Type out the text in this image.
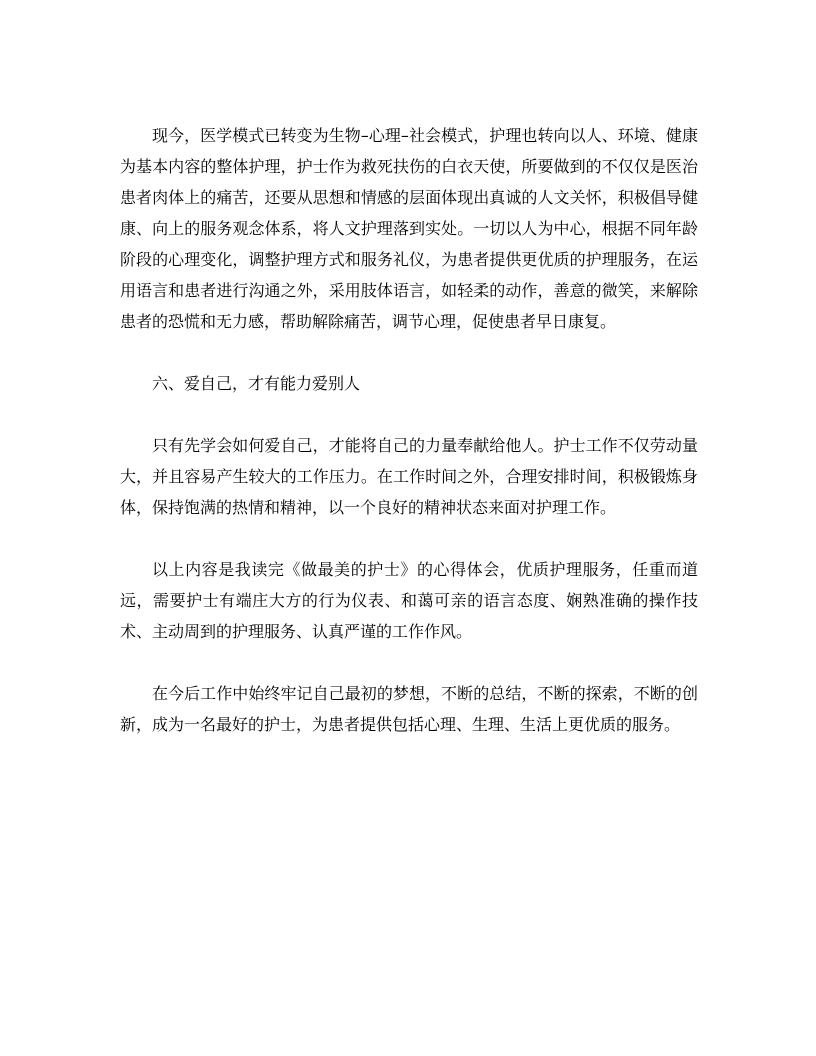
现今，医学模式已转变为生物–心理–社会模式，护理也转向以人、环境、健康为基本内容的整体护理，护士作为救死扶伤的白衣天使，所要做到的不仅仅是医治患者肉体上的痛苦，还要从思想和情感的层面体现出真诚的人文关怀，积极倡导健康、向上的服务观念体系，将人文护理落到实处。一切以人为中心，根据不同年龄阶段的心理变化，调整护理方式和服务礼仪，为患者提供更优质的护理服务，在运用语言和患者进行沟通之外，采用肢体语言，如轻柔的动作，善意的微笑，来解除患者的恐慌和无力感，帮助解除痛苦，调节心理，促使患者早日康复。

六、爱自己，才有能力爱别人

只有先学会如何爱自己，才能将自己的力量奉献给他人。护士工作不仅劳动量大，并且容易产生较大的工作压力。在工作时间之外，合理安排时间，积极锻炼身体，保持饱满的热情和精神，以一个良好的精神状态来面对护理工作。

以上内容是我读完《做最美的护士》的心得体会，优质护理服务，任重而道远，需要护士有端庄大方的行为仪表、和蔼可亲的语言态度、娴熟准确的操作技术、主动周到的护理服务、认真严谨的工作作风。

在今后工作中始终牢记自己最初的梦想，不断的总结，不断的探索，不断的创新，成为一名最好的护士，为患者提供包括心理、生理、生活上更优质的服务。
